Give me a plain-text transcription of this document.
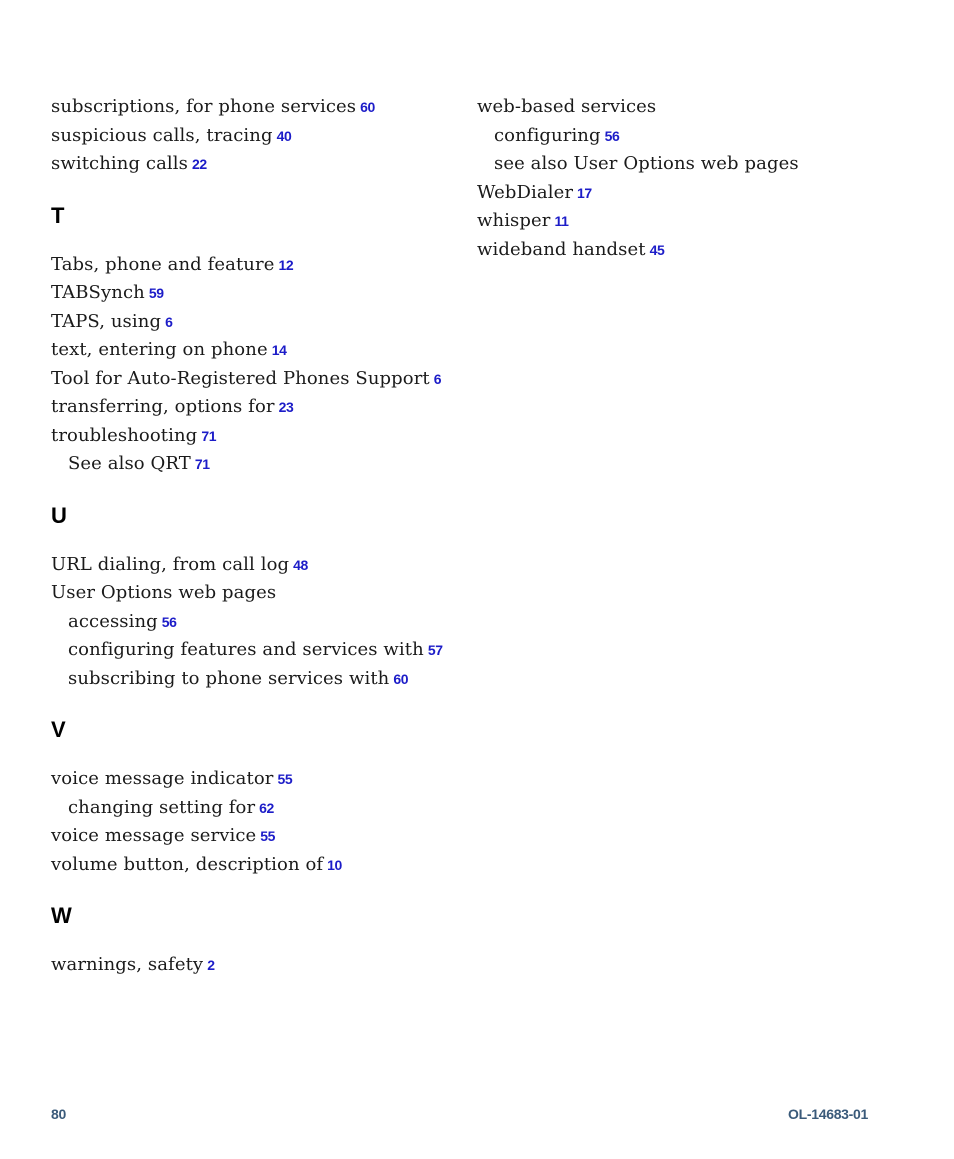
subscriptions, for phone services 60
suspicious calls, tracing 40
switching calls 22
T
Tabs, phone and feature 12
TABSynch 59
TAPS, using 6
text, entering on phone 14
Tool for Auto-Registered Phones Support 6
transferring, options for 23
troubleshooting 71
See also QRT 71
U
URL dialing, from call log 48
User Options web pages
accessing 56
configuring features and services with 57
subscribing to phone services with 60
V
voice message indicator 55
changing setting for 62
voice message service 55
volume button, description of 10
W
warnings, safety 2
web-based services
configuring 56
see also User Options web pages
WebDialer 17
whisper 11
wideband handset 45
80	OL-14683-01
